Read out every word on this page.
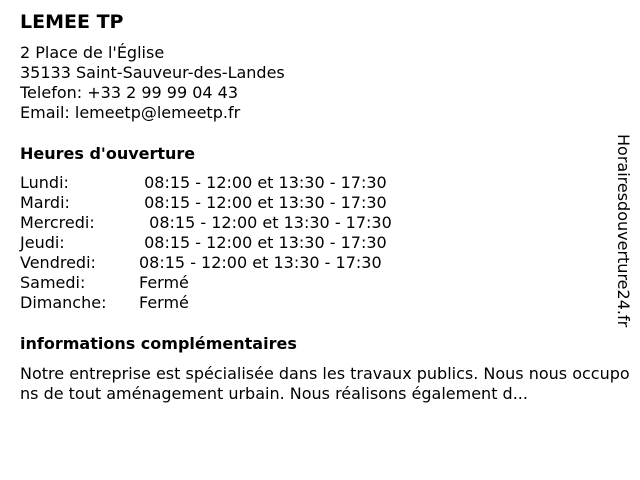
LEMEE TP
2 Place de l'Église
35133 Saint-Sauveur-des-Landes
Telefon: +33 2 99 99 04 43
Email: lemeetp@lemeetp.fr
Heures d'ouverture
Lundi:	08:15 - 12:00 et 13:30 - 17:30
Mardi:	08:15 - 12:00 et 13:30 - 17:30
Mercredi:	08:15 - 12:00 et 13:30 - 17:30
Jeudi:	08:15 - 12:00 et 13:30 - 17:30
Vendredi:	08:15 - 12:00 et 13:30 - 17:30
Samedi:	Fermé
Dimanche:	Fermé
informations complémentaires
Notre entreprise est spécialisée dans les travaux publics. Nous nous occupons de tout aménagement urbain. Nous réalisons également d...
Horairesdouverture24.fr
